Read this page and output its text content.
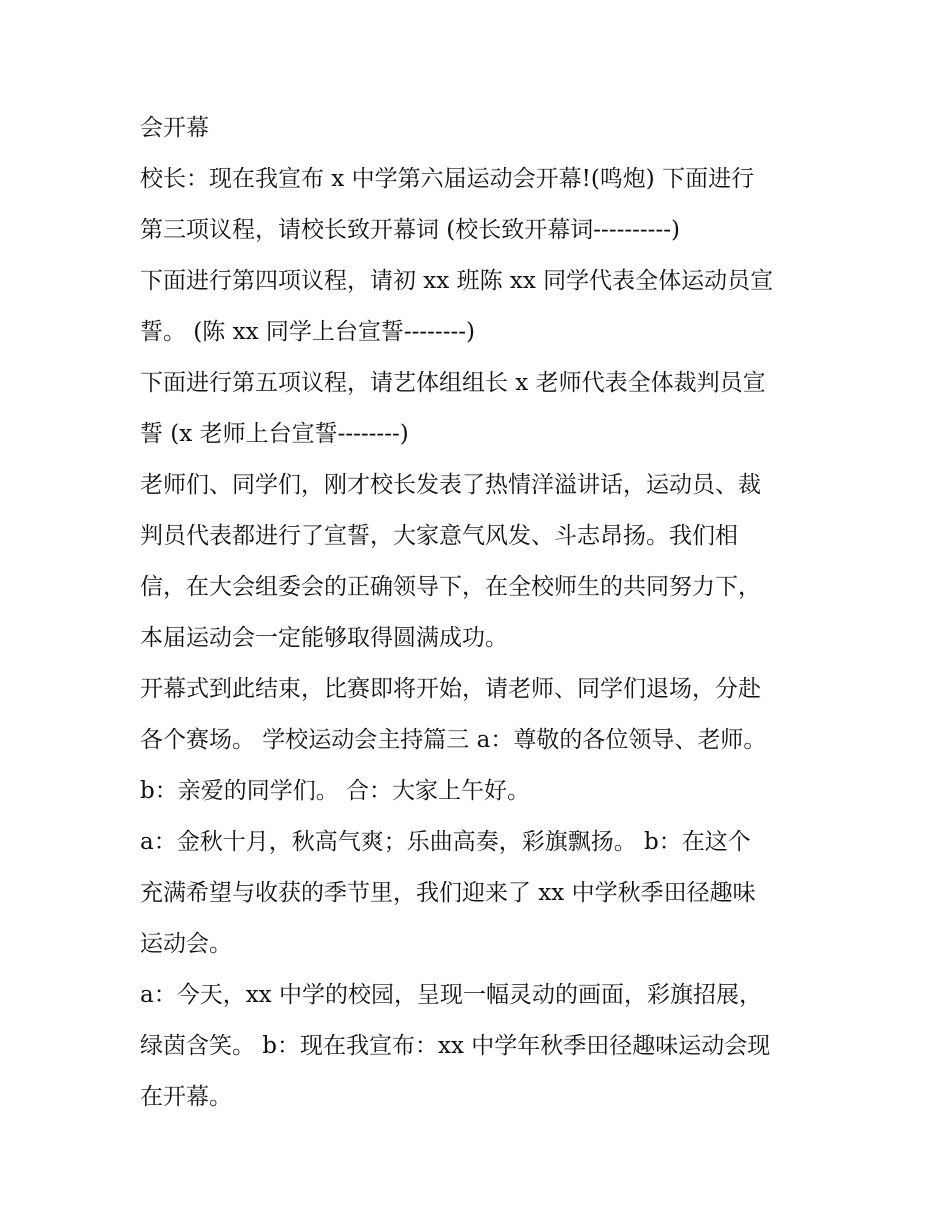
会开幕
校长：现在我宣布 x 中学第六届运动会开幕!(鸣炮) 下面进行
第三项议程，请校长致开幕词 (校长致开幕词----------)
下面进行第四项议程，请初 xx 班陈 xx 同学代表全体运动员宣
誓。 (陈 xx 同学上台宣誓--------)
下面进行第五项议程，请艺体组组长 x 老师代表全体裁判员宣
誓 (x 老师上台宣誓--------)
老师们、同学们，刚才校长发表了热情洋溢讲话，运动员、裁
判员代表都进行了宣誓，大家意气风发、斗志昂扬。我们相
信，在大会组委会的正确领导下，在全校师生的共同努力下，
本届运动会一定能够取得圆满成功。
开幕式到此结束，比赛即将开始，请老师、同学们退场，分赴
各个赛场。 学校运动会主持篇三 a：尊敬的各位领导、老师。
b：亲爱的同学们。 合：大家上午好。
a：金秋十月，秋高气爽；乐曲高奏，彩旗飘扬。 b：在这个
充满希望与收获的季节里，我们迎来了 xx 中学秋季田径趣味
运动会。
a：今天，xx 中学的校园，呈现一幅灵动的画面，彩旗招展，
绿茵含笑。 b：现在我宣布：xx 中学年秋季田径趣味运动会现
在开幕。
